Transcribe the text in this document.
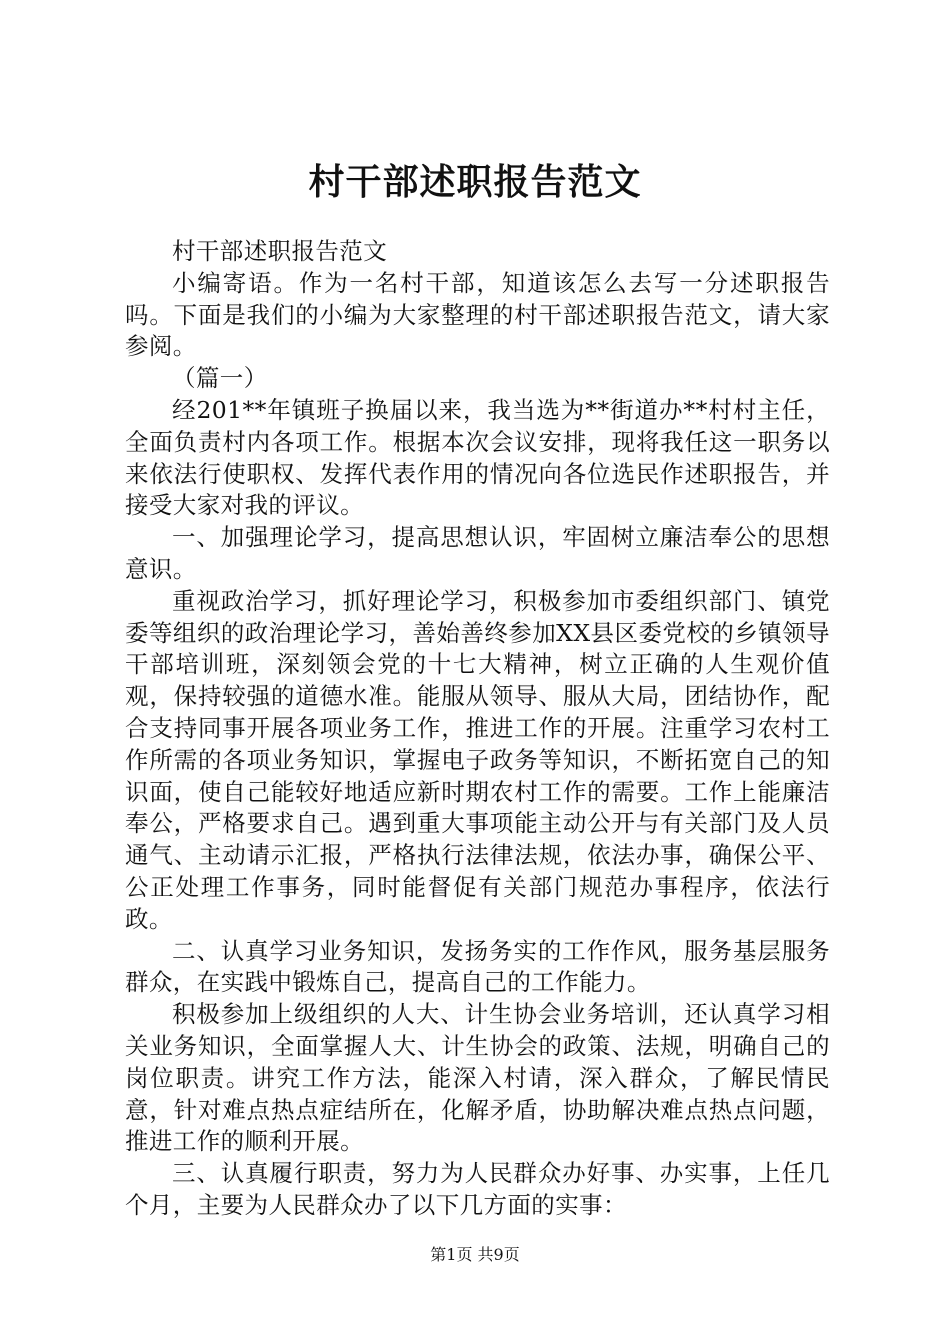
村干部述职报告范文

村干部述职报告范文

小编寄语。作为一名村干部，知道该怎么去写一分述职报告吗。下面是我们的小编为大家整理的村干部述职报告范文，请大家参阅。

（篇一）

经201**年镇班子换届以来，我当选为**街道办**村村主任，全面负责村内各项工作。根据本次会议安排，现将我任这一职务以来依法行使职权、发挥代表作用的情况向各位选民作述职报告，并接受大家对我的评议。

一、加强理论学习，提高思想认识，牢固树立廉洁奉公的思想意识。

重视政治学习，抓好理论学习，积极参加市委组织部门、镇党委等组织的政治理论学习，善始善终参加XX县区委党校的乡镇领导干部培训班，深刻领会党的十七大精神，树立正确的人生观价值观，保持较强的道德水准。能服从领导、服从大局，团结协作，配合支持同事开展各项业务工作，推进工作的开展。注重学习农村工作所需的各项业务知识，掌握电子政务等知识，不断拓宽自己的知识面，使自己能较好地适应新时期农村工作的需要。工作上能廉洁奉公，严格要求自己。遇到重大事项能主动公开与有关部门及人员通气、主动请示汇报，严格执行法律法规，依法办事，确保公平、公正处理工作事务，同时能督促有关部门规范办事程序，依法行政。

二、认真学习业务知识，发扬务实的工作作风，服务基层服务群众，在实践中锻炼自己，提高自己的工作能力。

积极参加上级组织的人大、计生协会业务培训，还认真学习相关业务知识，全面掌握人大、计生协会的政策、法规，明确自己的岗位职责。讲究工作方法，能深入村请，深入群众，了解民情民意，针对难点热点症结所在，化解矛盾，协助解决难点热点问题，推进工作的顺利开展。

三、认真履行职责，努力为人民群众办好事、办实事，上任几个月，主要为人民群众办了以下几方面的实事：

第1页 共9页
